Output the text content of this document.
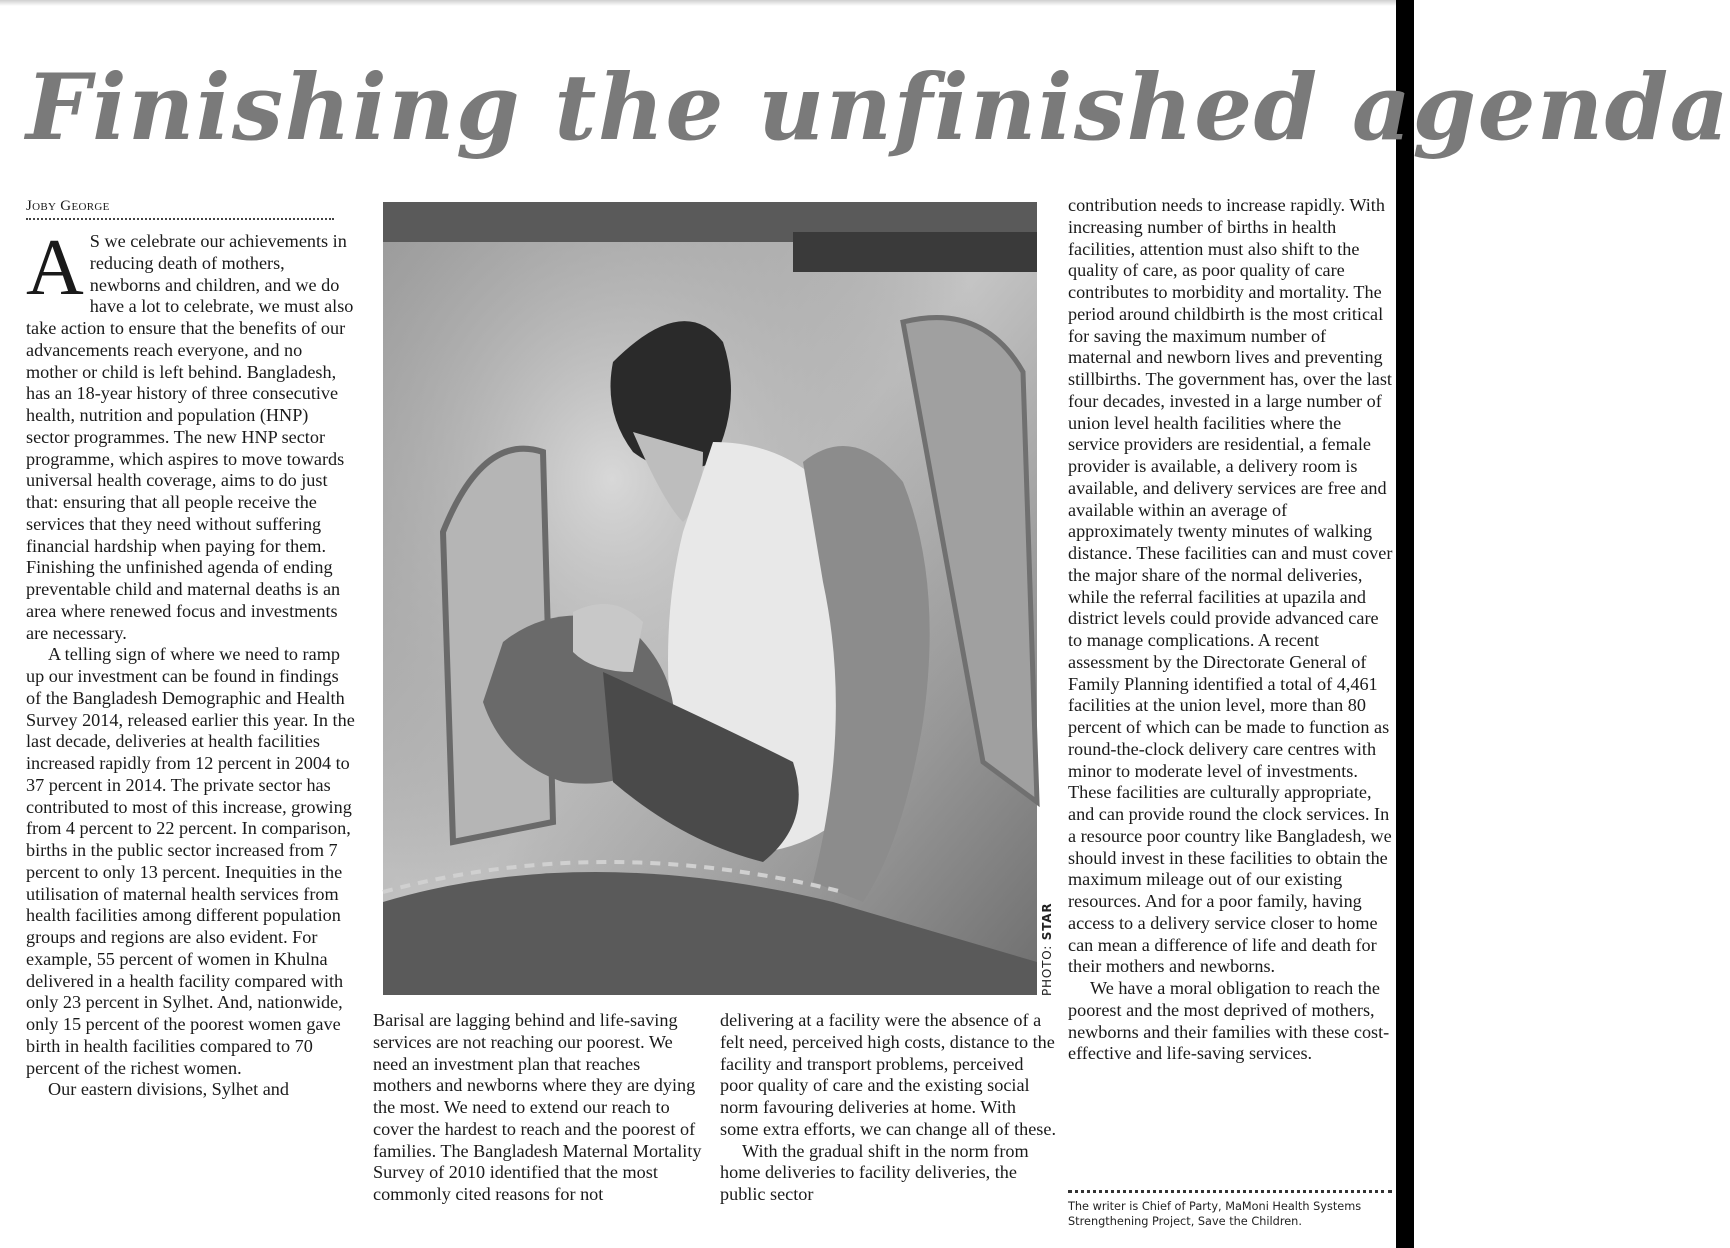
Finishing the unfinished agenda
Joby George

A S we celebrate our achievements in reducing death of mothers, newborns and children, and we do have a lot to celebrate, we must also take action to ensure that the benefits of our advancements reach everyone, and no mother or child is left behind. Bangladesh, has an 18-year history of three consecutive health, nutrition and population (HNP) sector programmes. The new HNP sector programme, which aspires to move towards universal health coverage, aims to do just that: ensuring that all people receive the services that they need without suffering financial hardship when paying for them. Finishing the unfinished agenda of ending preventable child and maternal deaths is an area where renewed focus and investments are necessary.

A telling sign of where we need to ramp up our investment can be found in findings of the Bangladesh Demographic and Health Survey 2014, released earlier this year. In the last decade, deliveries at health facilities increased rapidly from 12 percent in 2004 to 37 percent in 2014. The private sector has contributed to most of this increase, growing from 4 percent to 22 percent. In comparison, births in the public sector increased from 7 percent to only 13 percent. Inequities in the utilisation of maternal health services from health facilities among different population groups and regions are also evident. For example, 55 percent of women in Khulna delivered in a health facility compared with only 23 percent in Sylhet. And, nationwide, only 15 percent of the poorest women gave birth in health facilities compared to 70 percent of the richest women.

Our eastern divisions, Sylhet and

PHOTO: STAR

Barisal are lagging behind and life-saving services are not reaching our poorest. We need an investment plan that reaches mothers and newborns where they are dying the most. We need to extend our reach to cover the hardest to reach and the poorest of families. The Bangladesh Maternal Mortality Survey of 2010 identified that the most commonly cited reasons for not

delivering at a facility were the absence of a felt need, perceived high costs, distance to the facility and transport problems, perceived poor quality of care and the existing social norm favouring deliveries at home. With some extra efforts, we can change all of these.

With the gradual shift in the norm from home deliveries to facility deliveries, the public sector

contribution needs to increase rapidly. With increasing number of births in health facilities, attention must also shift to the quality of care, as poor quality of care contributes to morbidity and mortality. The period around childbirth is the most critical for saving the maximum number of maternal and newborn lives and preventing stillbirths. The government has, over the last four decades, invested in a large number of union level health facilities where the service providers are residential, a female provider is available, a delivery room is available, and delivery services are free and available within an average of approximately twenty minutes of walking distance. These facilities can and must cover the major share of the normal deliveries, while the referral facilities at upazila and district levels could provide advanced care to manage complications. A recent assessment by the Directorate General of Family Planning identified a total of 4,461 facilities at the union level, more than 80 percent of which can be made to function as round-the-clock delivery care centres with minor to moderate level of investments. These facilities are culturally appropriate, and can provide round the clock services. In a resource poor country like Bangladesh, we should invest in these facilities to obtain the maximum mileage out of our existing resources. And for a poor family, having access to a delivery service closer to home can mean a difference of life and death for their mothers and newborns.

We have a moral obligation to reach the poorest and the most deprived of mothers, newborns and their families with these cost-effective and life-saving services.

The writer is Chief of Party, MaMoni Health Systems Strengthening Project, Save the Children.
